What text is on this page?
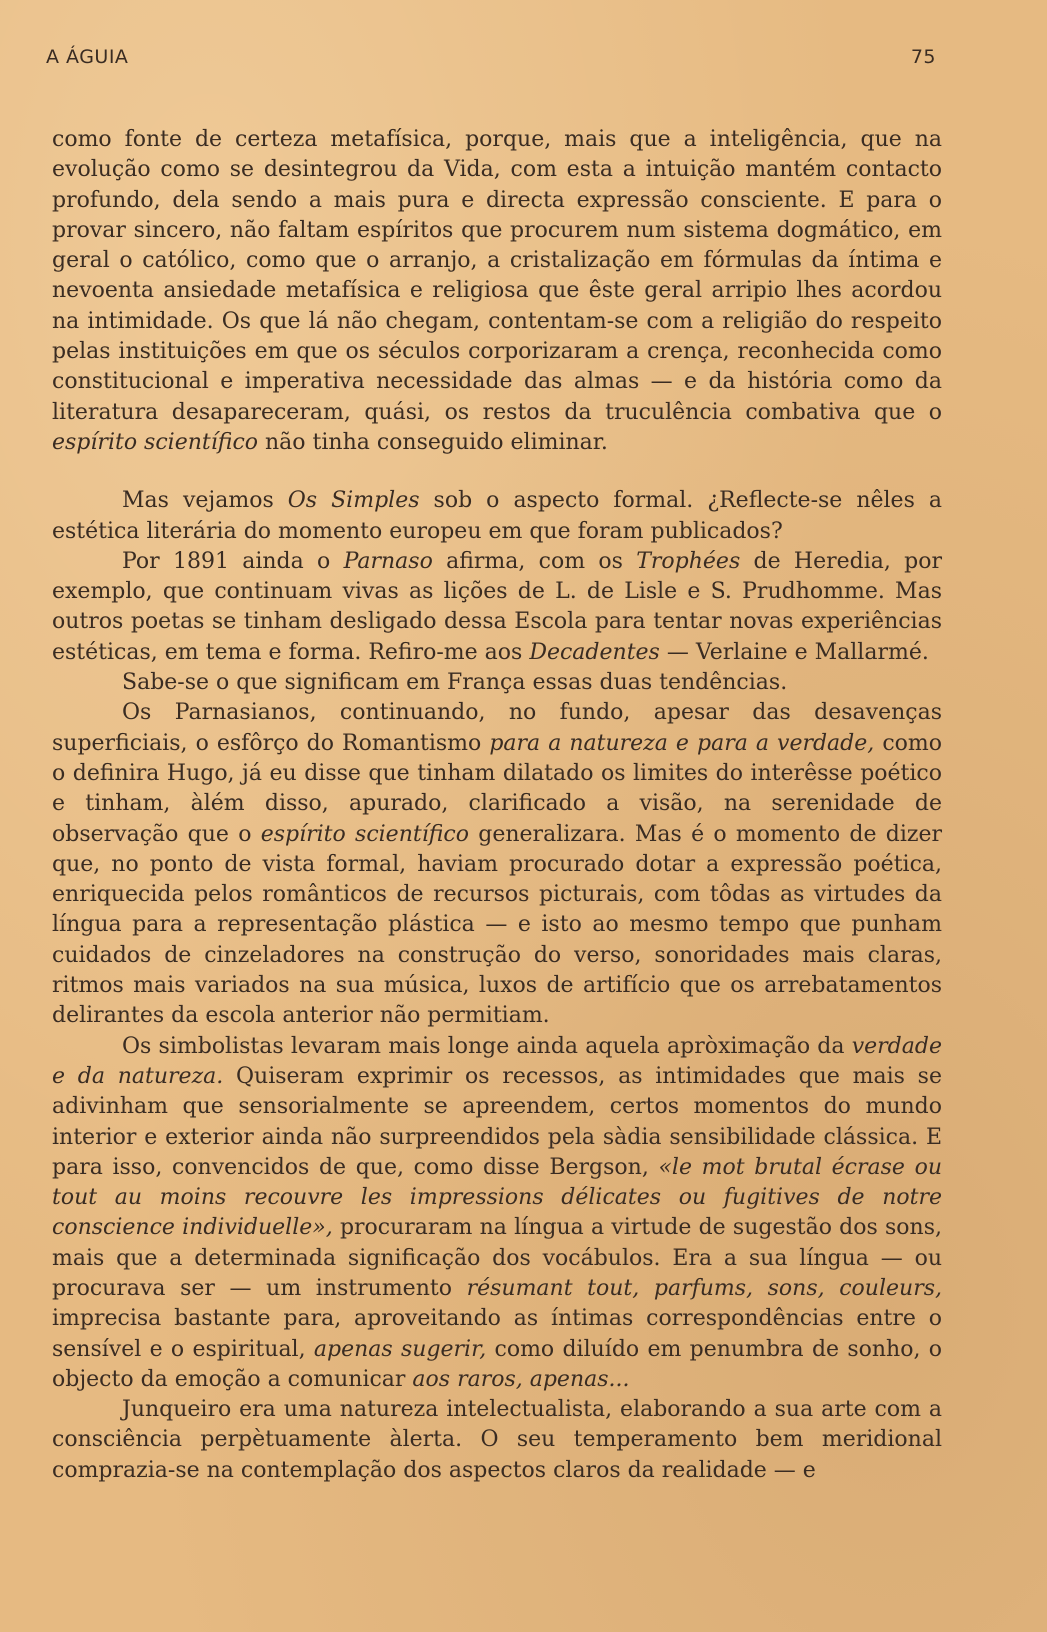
A ÁGUIA	75

como fonte de certeza metafísica, porque, mais que a inteligência, que na evolução como se desintegrou da Vida, com esta a intuição mantém contacto profundo, dela sendo a mais pura e directa expressão consciente. E para o provar sincero, não faltam espíritos que procurem num sistema dogmático, em geral o católico, como que o arranjo, a cristalização em fórmulas da íntima e nevoenta ansiedade metafísica e religiosa que êste geral arripio lhes acordou na intimidade. Os que lá não chegam, contentam-se com a religião do respeito pelas instituições em que os séculos corporizaram a crença, reconhecida como constitucional e imperativa necessidade das almas — e da história como da literatura desapareceram, quási, os restos da truculência combativa que o espírito scientífico não tinha conseguido eliminar.

Mas vejamos Os Simples sob o aspecto formal. ¿Reflecte-se nêles a estética literária do momento europeu em que foram publicados?

Por 1891 ainda o Parnaso afirma, com os Trophées de Heredia, por exemplo, que continuam vivas as lições de L. de Lisle e S. Prudhomme. Mas outros poetas se tinham desligado dessa Escola para tentar novas experiências estéticas, em tema e forma. Refiro-me aos Decadentes — Verlaine e Mallarmé.

Sabe-se o que significam em França essas duas tendências.

Os Parnasianos, continuando, no fundo, apesar das desavenças superficiais, o esfôrço do Romantismo para a natureza e para a verdade, como o definira Hugo, já eu disse que tinham dilatado os limites do interêsse poético e tinham, àlém disso, apurado, clarificado a visão, na serenidade de observação que o espírito scientífico generalizara. Mas é o momento de dizer que, no ponto de vista formal, haviam procurado dotar a expressão poética, enriquecida pelos românticos de recursos picturais, com tôdas as virtudes da língua para a representação plástica — e isto ao mesmo tempo que punham cuidados de cinzeladores na construção do verso, sonoridades mais claras, ritmos mais variados na sua música, luxos de artifício que os arrebatamentos delirantes da escola anterior não permitiam.

Os simbolistas levaram mais longe ainda aquela apròximação da verdade e da natureza. Quiseram exprimir os recessos, as intimidades que mais se adivinham que sensorialmente se apreendem, certos momentos do mundo interior e exterior ainda não surpreendidos pela sàdia sensibilidade clássica. E para isso, convencidos de que, como disse Bergson, «le mot brutal écrase ou tout au moins recouvre les impressions délicates ou fugitives de notre conscience individuelle», procuraram na língua a virtude de sugestão dos sons, mais que a determinada significação dos vocábulos. Era a sua língua — ou procurava ser — um instrumento résumant tout, parfums, sons, couleurs, imprecisa bastante para, aproveitando as íntimas correspondências entre o sensível e o espiritual, apenas sugerir, como diluído em penumbra de sonho, o objecto da emoção a comunicar aos raros, apenas...

Junqueiro era uma natureza intelectualista, elaborando a sua arte com a consciência perpètuamente àlerta. O seu temperamento bem meridional comprazia-se na contemplação dos aspectos claros da realidade — e
